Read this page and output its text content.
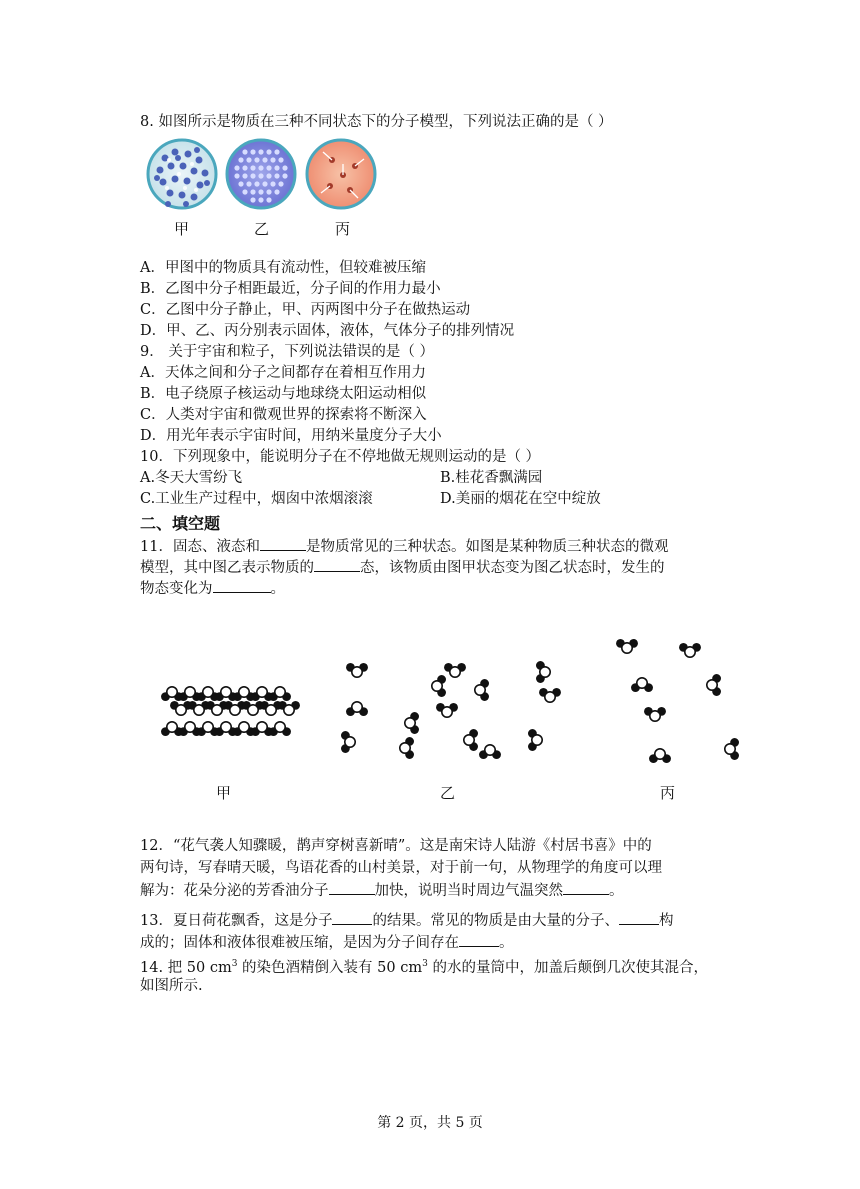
8. 如图所示是物质在三种不同状态下的分子模型，下列说法正确的是（ ）
甲	乙	丙
A．甲图中的物质具有流动性，但较难被压缩
B．乙图中分子相距最近，分子间的作用力最小
C．乙图中分子静止，甲、丙两图中分子在做热运动
D．甲、乙、丙分别表示固体，液体，气体分子的排列情况
9． 关于宇宙和粒子，下列说法错误的是（ ）
A．天体之间和分子之间都存在着相互作用力
B．电子绕原子核运动与地球绕太阳运动相似
C．人类对宇宙和微观世界的探索将不断深入
D．用光年表示宇宙时间，用纳米量度分子大小
10．下列现象中，能说明分子在不停地做无规则运动的是（ ）
A.冬天大雪纷飞	B.桂花香飘满园
C.工业生产过程中，烟囱中浓烟滚滚	D.美丽的烟花在空中绽放
二、填空题
11．固态、液态和	是物质常见的三种状态。如图是某种物质三种状态的微观
模型，其中图乙表示物质的	态，该物质由图甲状态变为图乙状态时，发生的
物态变化为	。
甲	乙	丙
12．“花气袭人知骤暖，鹊声穿树喜新晴”。这是南宋诗人陆游《村居书喜》中的
两句诗，写春晴天暖，鸟语花香的山村美景，对于前一句，从物理学的角度可以理
解为：花朵分泌的芳香油分子	加快，说明当时周边气温突然	。
13．夏日荷花飘香，这是分子	的结果。常见的物质是由大量的分子、	构
成的；固体和液体很难被压缩，是因为分子间存在	。
14. 把 50 $cm^3$ 的染色酒精倒入装有 50 $cm^3$ 的水的量筒中，加盖后颠倒几次使其混合，
如图所示.
第 2 页，共 5 页
